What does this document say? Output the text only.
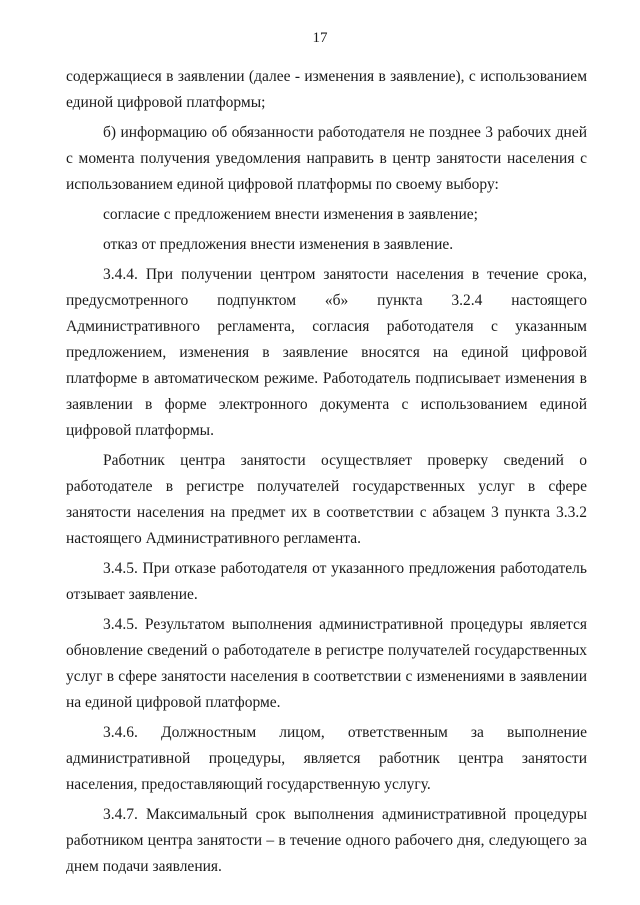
17

содержащиеся в заявлении (далее - изменения в заявление), с использованием единой цифровой платформы;

б) информацию об обязанности работодателя не позднее 3 рабочих дней с момента получения уведомления направить в центр занятости населения с использованием единой цифровой платформы по своему выбору:

согласие с предложением внести изменения в заявление;

отказ от предложения внести изменения в заявление.

3.4.4. При получении центром занятости населения в течение срока, предусмотренного подпунктом «б» пункта 3.2.4 настоящего Административного регламента, согласия работодателя с указанным предложением, изменения в заявление вносятся на единой цифровой платформе в автоматическом режиме. Работодатель подписывает изменения в заявлении в форме электронного документа с использованием единой цифровой платформы.

Работник центра занятости осуществляет проверку сведений о работодателе в регистре получателей государственных услуг в сфере занятости населения на предмет их в соответствии с абзацем 3 пункта 3.3.2 настоящего Административного регламента.

3.4.5. При отказе работодателя от указанного предложения работодатель отзывает заявление.

3.4.5. Результатом выполнения административной процедуры является обновление сведений о работодателе в регистре получателей государственных услуг в сфере занятости населения в соответствии с изменениями в заявлении на единой цифровой платформе.

3.4.6. Должностным лицом, ответственным за выполнение административной процедуры, является работник центра занятости населения, предоставляющий государственную услугу.

3.4.7. Максимальный срок выполнения административной процедуры работником центра занятости – в течение одного рабочего дня, следующего за днем подачи заявления.
